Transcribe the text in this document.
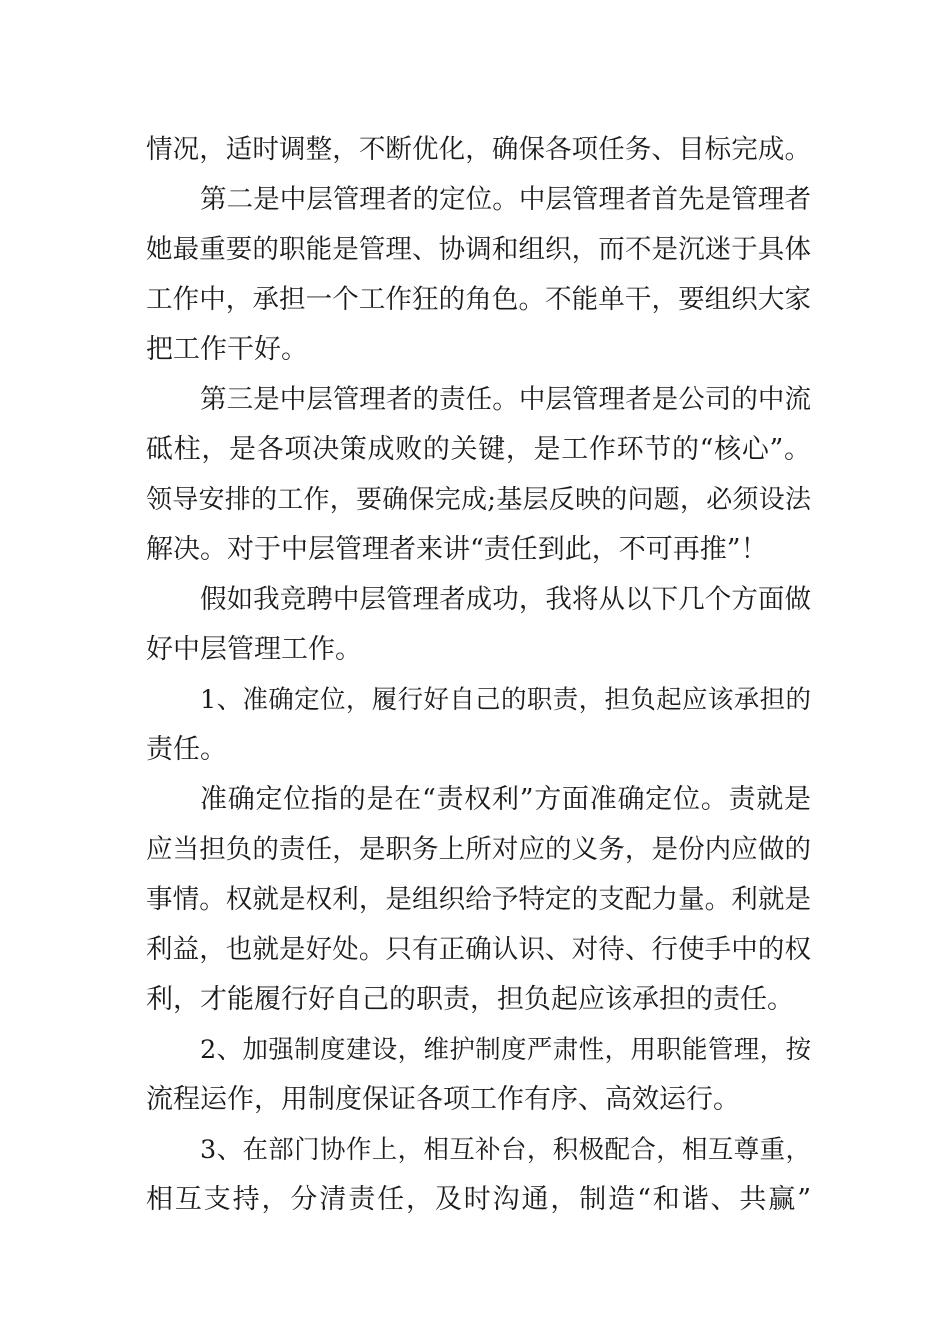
情况，适时调整，不断优化，确保各项任务、目标完成。
第二是中层管理者的定位。中层管理者首先是管理者
她最重要的职能是管理、协调和组织，而不是沉迷于具体
工作中，承担一个工作狂的角色。不能单干，要组织大家
把工作干好。
第三是中层管理者的责任。中层管理者是公司的中流
砥柱，是各项决策成败的关键，是工作环节的“核心”。
领导安排的工作，要确保完成;基层反映的问题，必须设法
解决。对于中层管理者来讲“责任到此，不可再推”！
假如我竞聘中层管理者成功，我将从以下几个方面做
好中层管理工作。
1、准确定位，履行好自己的职责，担负起应该承担的
责任。
准确定位指的是在“责权利”方面准确定位。责就是
应当担负的责任，是职务上所对应的义务，是份内应做的
事情。权就是权利，是组织给予特定的支配力量。利就是
利益，也就是好处。只有正确认识、对待、行使手中的权
利，才能履行好自己的职责，担负起应该承担的责任。
2、加强制度建设，维护制度严肃性，用职能管理，按
流程运作，用制度保证各项工作有序、高效运行。
3、在部门协作上，相互补台，积极配合，相互尊重，
相互支持，分清责任，及时沟通，制造“和谐、共赢”
